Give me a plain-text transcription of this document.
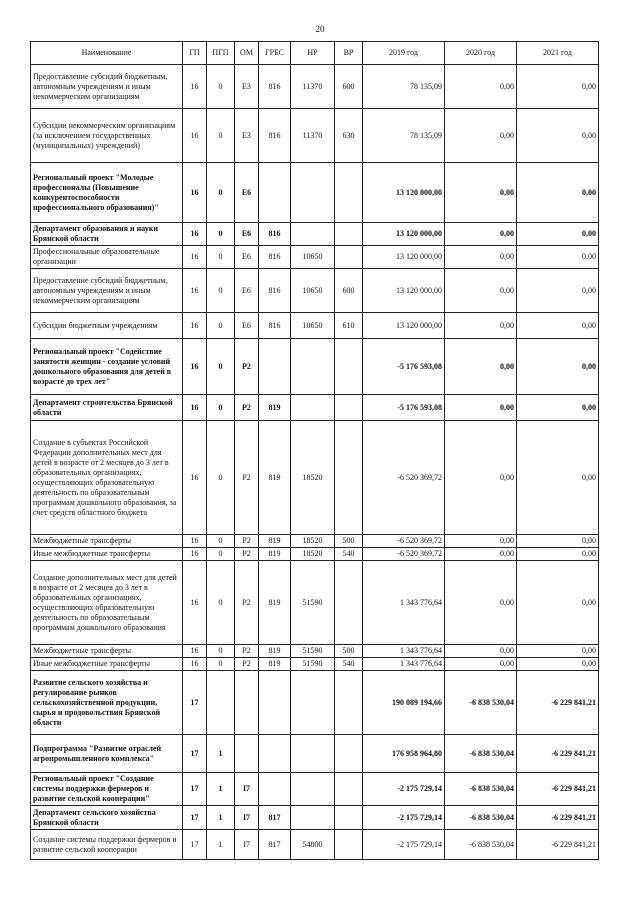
20
Наименование	ГП	ПГП	ОМ	ГРБС	НР	ВР	2019 год	2020 год	2021 год
Предоставление субсидий бюджетным, автономным учреждениям и иным некоммерческим организациям	16	0	E3	816	11370	600	78 135,09	0,00	0,00
Субсидии некоммерческим организациям (за исключением государственных (муниципальных) учреждений)	16	0	E3	816	11370	630	78 135,09	0,00	0,00
Региональный проект "Молодые профессионалы (Повышение конкурентоспособности профессионального образования)"	16	0	E6				13 120 000,00	0,00	0,00
Департамент образования и науки Брянской области	16	0	E6	816			13 120 000,00	0,00	0,00
Профессиональные образовательные организации	16	0	E6	816	10650		13 120 000,00	0,00	0,00
Предоставление субсидий бюджетным, автономным учреждениям и иным некоммерческим организациям	16	0	E6	816	10650	600	13 120 000,00	0,00	0,00
Субсидии бюджетным учреждениям	16	0	E6	816	10650	610	13 120 000,00	0,00	0,00
Региональный проект "Содействие занятости женщин - создание условий дошкольного образования для детей в возрасте до трех лет"	16	0	P2				-5 176 593,08	0,00	0,00
Департамент строительства Брянской области	16	0	P2	819			-5 176 593,08	0,00	0,00
Создание в субъектах Российской Федерации дополнительных мест для детей в возрасте от 2 месяцев до 3 лет в образовательных организациях, осуществляющих образовательную деятельность по образовательным программам дошкольного образования, за счет средств областного бюджета	16	0	P2	819	18520		-6 520 369,72	0,00	0,00
Межбюджетные трансферты	16	0	P2	819	18520	500	-6 520 369,72	0,00	0,00
Иные межбюджетные трансферты	16	0	P2	819	18520	540	-6 520 369,72	0,00	0,00
Создание дополнительных мест для детей в возрасте от 2 месяцев до 3 лет в образовательных организациях, осуществляющих образовательную деятельность по образовательным программам дошкольного образования	16	0	P2	819	51590		1 343 776,64	0,00	0,00
Межбюджетные трансферты	16	0	P2	819	51590	500	1 343 776,64	0,00	0,00
Иные межбюджетные трансферты	16	0	P2	819	51590	540	1 343 776,64	0,00	0,00
Развитие сельского хозяйства и регулирование рынков сельскохозяйственной продукции, сырья и продовольствия Брянской области	17						190 089 194,66	-6 838 530,04	-6 229 841,21
Подпрограмма "Развитие отраслей агропромышленного комплекса"	17	1					176 958 964,80	-6 838 530,04	-6 229 841,21
Региональный проект "Создание системы поддержки фермеров и развитие сельской кооперации"	17	1	I7				-2 175 729,14	-6 838 530,04	-6 229 841,21
Департамент сельского хозяйства Брянской области	17	1	I7	817			-2 175 729,14	-6 838 530,04	-6 229 841,21
Создание системы поддержки фермеров и развитие сельской кооперации	17	1	I7	817	54800		-2 175 729,14	-6 838 530,04	-6 229 841,21
